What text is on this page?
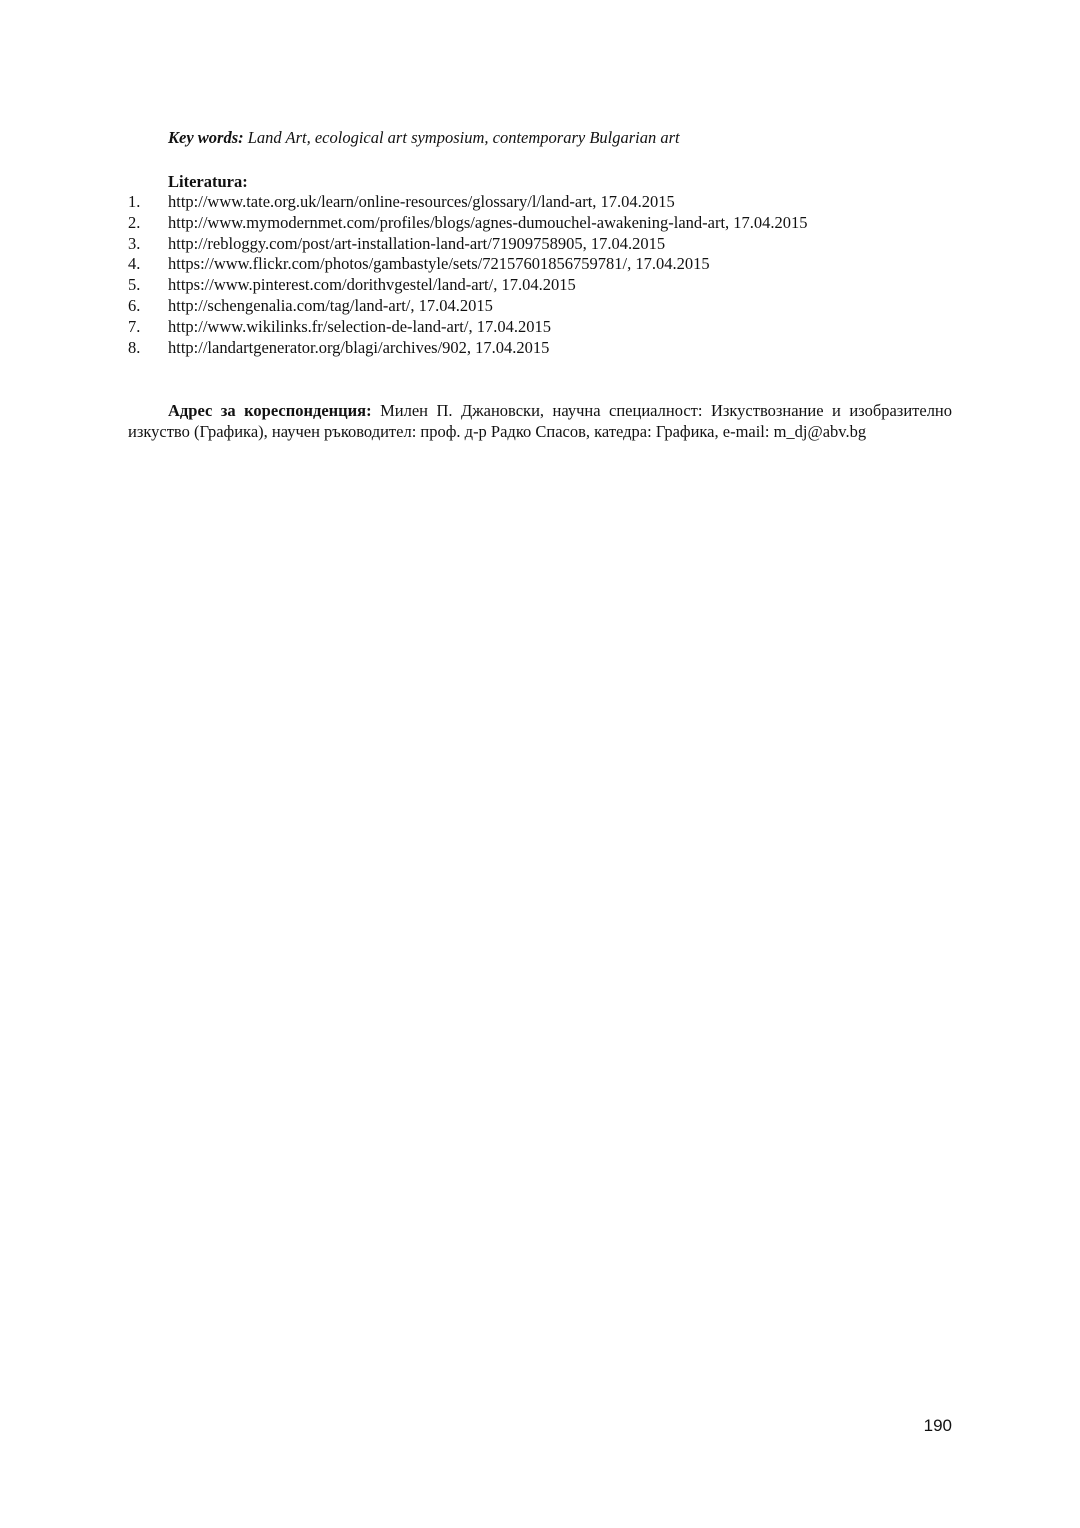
Key words: Land Art, ecological art symposium, contemporary Bulgarian art
Literatura:
1.	http://www.tate.org.uk/learn/online-resources/glossary/l/land-art, 17.04.2015
2.	http://www.mymodernmet.com/profiles/blogs/agnes-dumouchel-awakening-land-art, 17.04.2015
3.	http://rebloggy.com/post/art-installation-land-art/71909758905, 17.04.2015
4.	https://www.flickr.com/photos/gambastyle/sets/72157601856759781/, 17.04.2015
5.	https://www.pinterest.com/dorithvgestel/land-art/, 17.04.2015
6.	http://schengenalia.com/tag/land-art/, 17.04.2015
7.	http://www.wikilinks.fr/selection-de-land-art/, 17.04.2015
8.	http://landartgenerator.org/blagi/archives/902, 17.04.2015

Адрес за кореспонденция: Милен П. Джановски, научна специалност: Изкуствознание и изобразително изкуство (Графика), научен ръководител: проф. д-р Радко Спасов, катедра: Графика, e-mail: m_dj@abv.bg

190
